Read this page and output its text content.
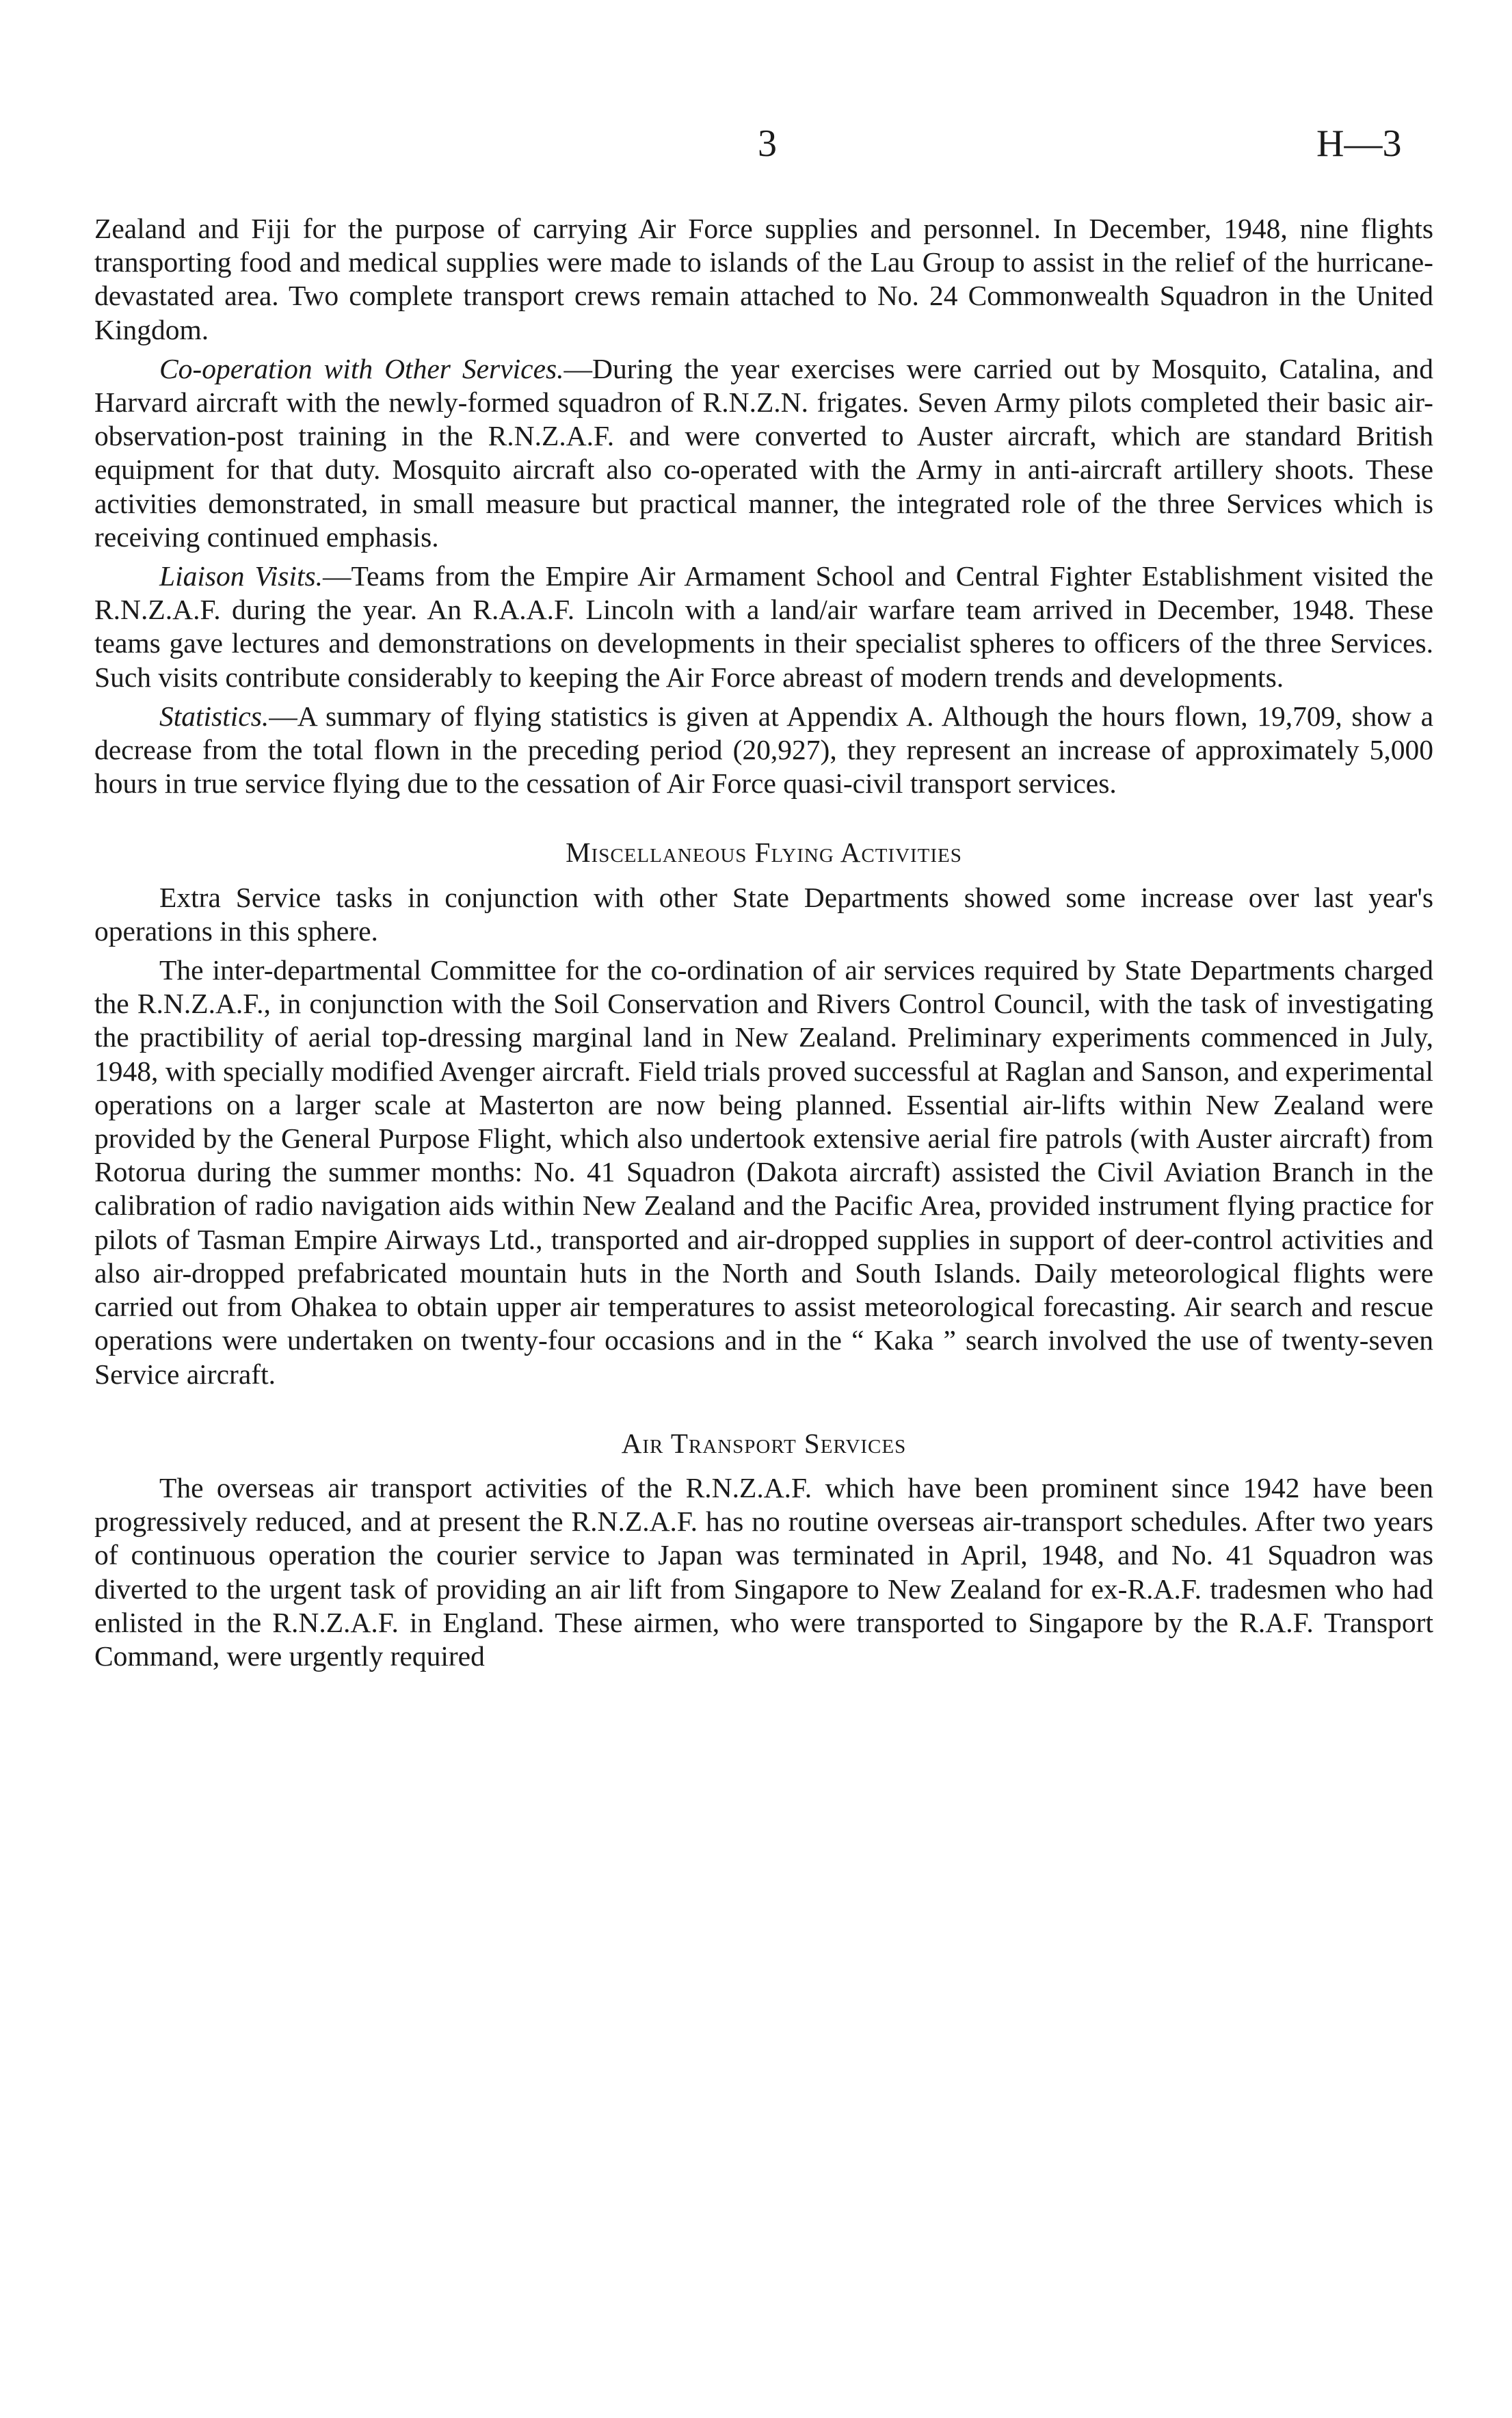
3	H—3

Zealand and Fiji for the purpose of carrying Air Force supplies and personnel. In December, 1948, nine flights transporting food and medical supplies were made to islands of the Lau Group to assist in the relief of the hurricane-devastated area. Two complete transport crews remain attached to No. 24 Commonwealth Squadron in the United Kingdom.

Co-operation with Other Services.—During the year exercises were carried out by Mosquito, Catalina, and Harvard aircraft with the newly-formed squadron of R.N.Z.N. frigates. Seven Army pilots completed their basic air-observation-post training in the R.N.Z.A.F. and were converted to Auster aircraft, which are standard British equipment for that duty. Mosquito aircraft also co-operated with the Army in anti-aircraft artillery shoots. These activities demonstrated, in small measure but practical manner, the integrated role of the three Services which is receiving continued emphasis.

Liaison Visits.—Teams from the Empire Air Armament School and Central Fighter Establishment visited the R.N.Z.A.F. during the year. An R.A.A.F. Lincoln with a land/air warfare team arrived in December, 1948. These teams gave lectures and demonstrations on developments in their specialist spheres to officers of the three Services. Such visits contribute considerably to keeping the Air Force abreast of modern trends and developments.

Statistics.—A summary of flying statistics is given at Appendix A. Although the hours flown, 19,709, show a decrease from the total flown in the preceding period (20,927), they represent an increase of approximately 5,000 hours in true service flying due to the cessation of Air Force quasi-civil transport services.

Miscellaneous Flying Activities

Extra Service tasks in conjunction with other State Departments showed some increase over last year's operations in this sphere.

The inter-departmental Committee for the co-ordination of air services required by State Departments charged the R.N.Z.A.F., in conjunction with the Soil Conservation and Rivers Control Council, with the task of investigating the practibility of aerial top-dressing marginal land in New Zealand. Preliminary experiments commenced in July, 1948, with specially modified Avenger aircraft. Field trials proved successful at Raglan and Sanson, and experimental operations on a larger scale at Masterton are now being planned. Essential air-lifts within New Zealand were provided by the General Purpose Flight, which also undertook extensive aerial fire patrols (with Auster aircraft) from Rotorua during the summer months: No. 41 Squadron (Dakota aircraft) assisted the Civil Aviation Branch in the calibration of radio navigation aids within New Zealand and the Pacific Area, provided instrument flying practice for pilots of Tasman Empire Airways Ltd., transported and air-dropped supplies in support of deer-control activities and also air-dropped prefabricated mountain huts in the North and South Islands. Daily meteorological flights were carried out from Ohakea to obtain upper air temperatures to assist meteorological forecasting. Air search and rescue operations were undertaken on twenty-four occasions and in the “ Kaka ” search involved the use of twenty-seven Service aircraft.

Air Transport Services

The overseas air transport activities of the R.N.Z.A.F. which have been prominent since 1942 have been progressively reduced, and at present the R.N.Z.A.F. has no routine overseas air-transport schedules. After two years of continuous operation the courier service to Japan was terminated in April, 1948, and No. 41 Squadron was diverted to the urgent task of providing an air lift from Singapore to New Zealand for ex-R.A.F. tradesmen who had enlisted in the R.N.Z.A.F. in England. These airmen, who were transported to Singapore by the R.A.F. Transport Command, were urgently required
